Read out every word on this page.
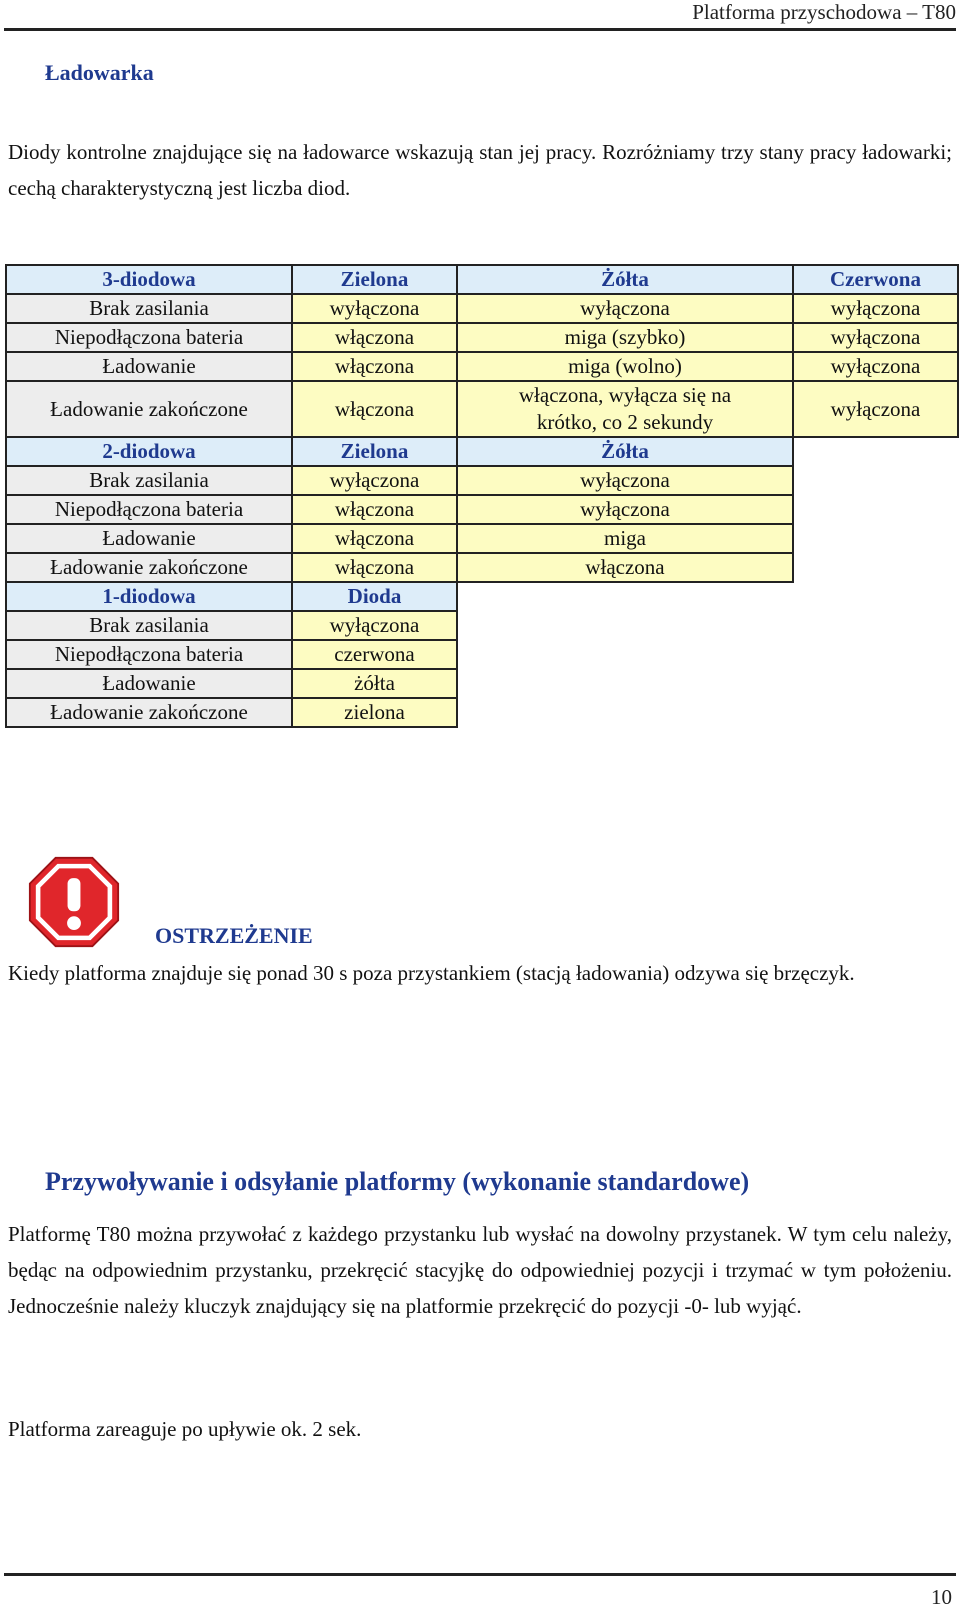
Platforma przyschodowa – T80
Ładowarka

Diody kontrolne znajdujące się na ładowarce wskazują stan jej pracy. Rozróżniamy trzy stany pracy ładowarki; cechą charakterystyczną jest liczba diod.

3-diodowa	Zielona	Żółta	Czerwona
Brak zasilania	wyłączona	wyłączona	wyłączona
Niepodłączona bateria	włączona	miga (szybko)	wyłączona
Ładowanie	włączona	miga (wolno)	wyłączona
Ładowanie zakończone	włączona	włączona, wyłącza się na krótko, co 2 sekundy	wyłączona
2-diodowa	Zielona	Żółta	
Brak zasilania	wyłączona	wyłączona	
Niepodłączona bateria	włączona	wyłączona	
Ładowanie	włączona	miga	
Ładowanie zakończone	włączona	włączona	
1-diodowa	Dioda		
Brak zasilania	wyłączona		
Niepodłączona bateria	czerwona		
Ładowanie	żółta		
Ładowanie zakończone	zielona		
OSTRZEŻENIE

Kiedy platforma znajduje się ponad 30 s poza przystankiem (stacją ładowania) odzywa się brzęczyk.

Przywoływanie i odsyłanie platformy (wykonanie standardowe)

Platformę T80 można przywołać z każdego przystanku lub wysłać na dowolny przystanek. W tym celu należy, będąc na odpowiednim przystanku, przekręcić stacyjkę do odpowiedniej pozycji i trzymać w tym położeniu. Jednocześnie należy kluczyk znajdujący się na platformie przekręcić do pozycji -0- lub wyjąć.

Platforma zareaguje po upływie ok. 2 sek.

10
